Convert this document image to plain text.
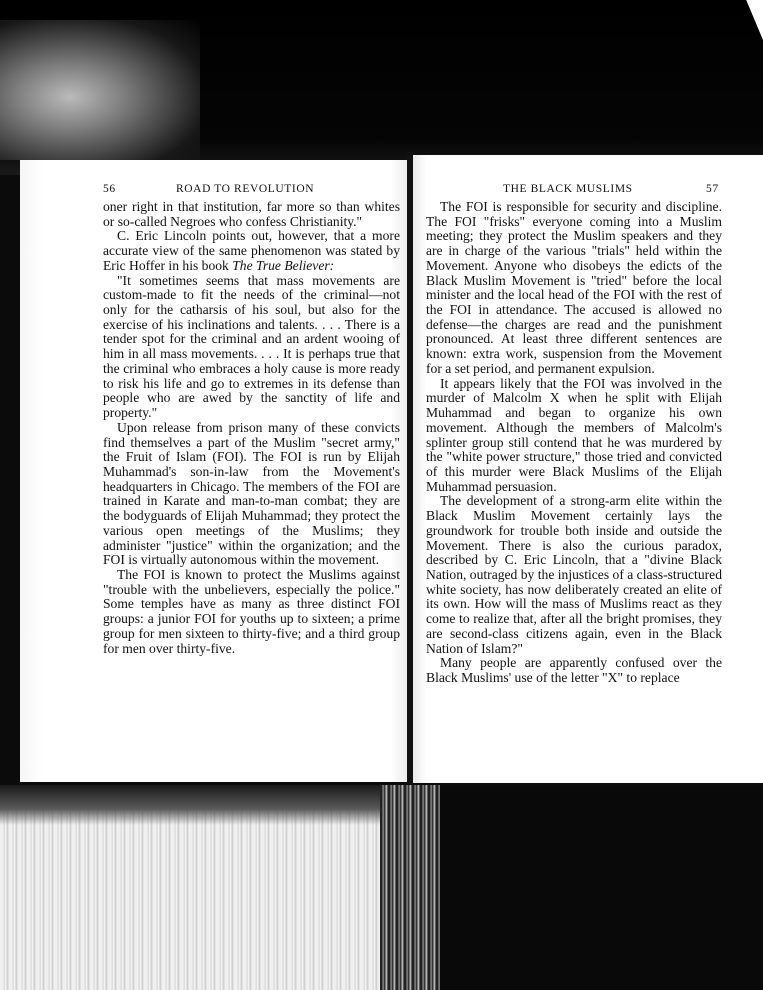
56	ROAD TO REVOLUTION	THE BLACK MUSLIMS	57

oner right in that institution, far more so than whites or so-called Negroes who confess Christianity."

C. Eric Lincoln points out, however, that a more accurate view of the same phenomenon was stated by Eric Hoffer in his book The True Believer:

"It sometimes seems that mass movements are custom-made to fit the needs of the criminal—not only for the catharsis of his soul, but also for the exercise of his inclinations and talents. . . . There is a tender spot for the criminal and an ardent wooing of him in all mass movements. . . . It is perhaps true that the criminal who embraces a holy cause is more ready to risk his life and go to extremes in its defense than people who are awed by the sanctity of life and property."

Upon release from prison many of these convicts find themselves a part of the Muslim "secret army," the Fruit of Islam (FOI). The FOI is run by Elijah Muhammad's son-in-law from the Movement's headquarters in Chicago. The members of the FOI are trained in Karate and man-to-man combat; they are the bodyguards of Elijah Muhammad; they protect the various open meetings of the Muslims; they administer "justice" within the organization; and the FOI is virtually autonomous within the movement.

The FOI is known to protect the Muslims against "trouble with the unbelievers, especially the police." Some temples have as many as three distinct FOI groups: a junior FOI for youths up to sixteen; a prime group for men sixteen to thirty-five; and a third group for men over thirty-five.

The FOI is responsible for security and discipline. The FOI "frisks" everyone coming into a Muslim meeting; they protect the Muslim speakers and they are in charge of the various "trials" held within the Movement. Anyone who disobeys the edicts of the Black Muslim Movement is "tried" before the local minister and the local head of the FOI with the rest of the FOI in attendance. The accused is allowed no defense—the charges are read and the punishment pronounced. At least three different sentences are known: extra work, suspension from the Movement for a set period, and permanent expulsion.

It appears likely that the FOI was involved in the murder of Malcolm X when he split with Elijah Muhammad and began to organize his own movement. Although the members of Malcolm's splinter group still contend that he was murdered by the "white power structure," those tried and convicted of this murder were Black Muslims of the Elijah Muhammad persuasion.

The development of a strong-arm elite within the Black Muslim Movement certainly lays the groundwork for trouble both inside and outside the Movement. There is also the curious paradox, described by C. Eric Lincoln, that a "divine Black Nation, outraged by the injustices of a class-structured white society, has now deliberately created an elite of its own. How will the mass of Muslims react as they come to realize that, after all the bright promises, they are second-class citizens again, even in the Black Nation of Islam?"

Many people are apparently confused over the Black Muslims' use of the letter "X" to replace
